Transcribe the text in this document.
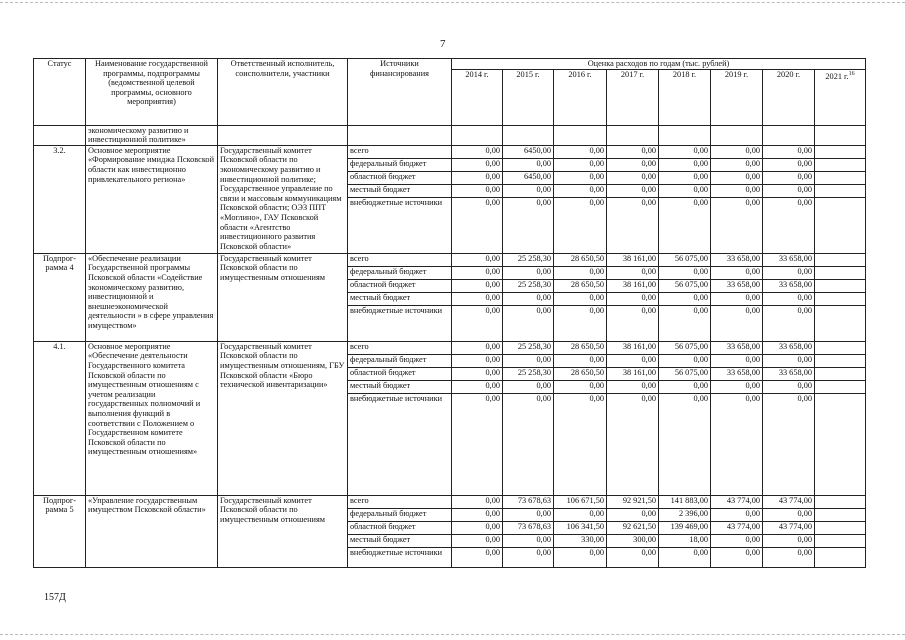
7
Статус	Наименование государственной программы, подпрограммы (ведомственной целевой программы, основного мероприятия)	Ответственный исполнитель, соисполнители, участники	Источники финансирования	Оценка расходов по годам (тыс. рублей)							
				2014 г.	2015 г.	2016 г.	2017 г.	2018 г.	2019 г.	2020 г.	2021 г.$^{16}$
	экономическому развитию и инвестиционной политике»										
3.2.	Основное мероприятие «Формирование имиджа Псковской области как инвестиционно привлекательного региона»	Государственный комитет Псковской области по экономическому развитию и инвестиционной политике; Государственное управление по связи и массовым коммуникациям Псковской области; ОЭЗ ППТ «Моглино», ГАУ Псковской области «Агентство инвестиционного развития Псковской области»	всего	0,00	6450,00	0,00	0,00	0,00	0,00	0,00	
			федеральный бюджет	0,00	0,00	0,00	0,00	0,00	0,00	0,00	
			областной бюджет	0,00	6450,00	0,00	0,00	0,00	0,00	0,00	
			местный бюджет	0,00	0,00	0,00	0,00	0,00	0,00	0,00	
			внебюджетные источники	0,00	0,00	0,00	0,00	0,00	0,00	0,00	
Подпрог-рамма 4	«Обеспечение реализации Государственной программы Псковской области «Содействие экономическому развитию, инвестиционной и внешнеэкономической деятельности » в сфере управления имуществом»	Государственный комитет Псковской области по имущественным отношениям	всего	0,00	25 258,30	28 650,50	38 161,00	56 075,00	33 658,00	33 658,00	
			федеральный бюджет	0,00	0,00	0,00	0,00	0,00	0,00	0,00	
			областной бюджет	0,00	25 258,30	28 650,50	38 161,00	56 075,00	33 658,00	33 658,00	
			местный бюджет	0,00	0,00	0,00	0,00	0,00	0,00	0,00	
			внебюджетные источники	0,00	0,00	0,00	0,00	0,00	0,00	0,00	
4.1.	Основное мероприятие «Обеспечение деятельности Государственного комитета Псковской области по имущественным отношениям с учетом реализации государственных полномочий и выполнения функций в соответствии с Положением о Государственном комитете Псковской области по имущественным отношениям»	Государственный комитет Псковской области по имущественным отношениям, ГБУ Псковской области «Бюро технической инвентаризации»	всего	0,00	25 258,30	28 650,50	38 161,00	56 075,00	33 658,00	33 658,00	
			федеральный бюджет	0,00	0,00	0,00	0,00	0,00	0,00	0,00	
			областной бюджет	0,00	25 258,30	28 650,50	38 161,00	56 075,00	33 658,00	33 658,00	
			местный бюджет	0,00	0,00	0,00	0,00	0,00	0,00	0,00	
			внебюджетные источники	0,00	0,00	0,00	0,00	0,00	0,00	0,00	
Подпрог-рамма 5	«Управление государственным имуществом Псковской области»	Государственный комитет Псковской области по имущественным отношениям	всего	0,00	73 678,63	106 671,50	92 921,50	141 883,00	43 774,00	43 774,00	
			федеральный бюджет	0,00	0,00	0,00	0,00	2 396,00	0,00	0,00	
			областной бюджет	0,00	73 678,63	106 341,50	92 621,50	139 469,00	43 774,00	43 774,00	
			местный бюджет	0,00	0,00	330,00	300,00	18,00	0,00	0,00	
			внебюджетные источники	0,00	0,00	0,00	0,00	0,00	0,00	0,00	
157Д
